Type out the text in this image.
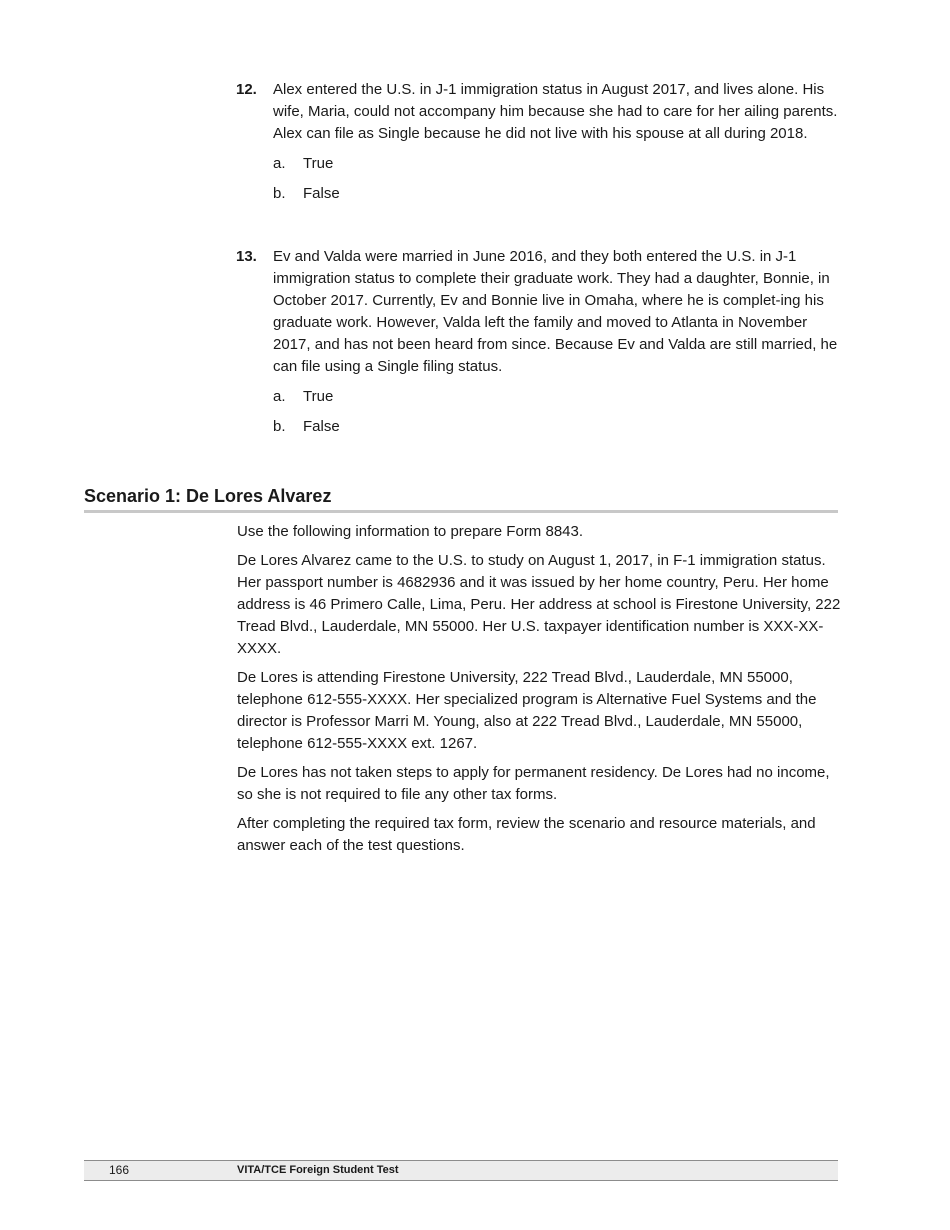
12. Alex entered the U.S. in J-1 immigration status in August 2017, and lives alone. His wife, Maria, could not accompany him because she had to care for her ailing parents. Alex can file as Single because he did not live with his spouse at all during 2018.
a. True
b. False
13. Ev and Valda were married in June 2016, and they both entered the U.S. in J-1 immigration status to complete their graduate work. They had a daughter, Bonnie, in October 2017. Currently, Ev and Bonnie live in Omaha, where he is complet-ing his graduate work. However, Valda left the family and moved to Atlanta in November 2017, and has not been heard from since. Because Ev and Valda are still married, he can file using a Single filing status.
a. True
b. False
Scenario 1: De Lores Alvarez

Use the following information to prepare Form 8843.

De Lores Alvarez came to the U.S. to study on August 1, 2017, in F-1 immigration status. Her passport number is 4682936 and it was issued by her home country, Peru. Her home address is 46 Primero Calle, Lima, Peru. Her address at school is Firestone University, 222 Tread Blvd., Lauderdale, MN 55000. Her U.S. taxpayer identification number is XXX-XX-XXXX.

De Lores is attending Firestone University, 222 Tread Blvd., Lauderdale, MN 55000, telephone 612-555-XXXX. Her specialized program is Alternative Fuel Systems and the director is Professor Marri M. Young, also at 222 Tread Blvd., Lauderdale, MN 55000, telephone 612-555-XXXX ext. 1267.

De Lores has not taken steps to apply for permanent residency. De Lores had no income, so she is not required to file any other tax forms.

After completing the required tax form, review the scenario and resource materials, and answer each of the test questions.

166	VITA/TCE Foreign Student Test
